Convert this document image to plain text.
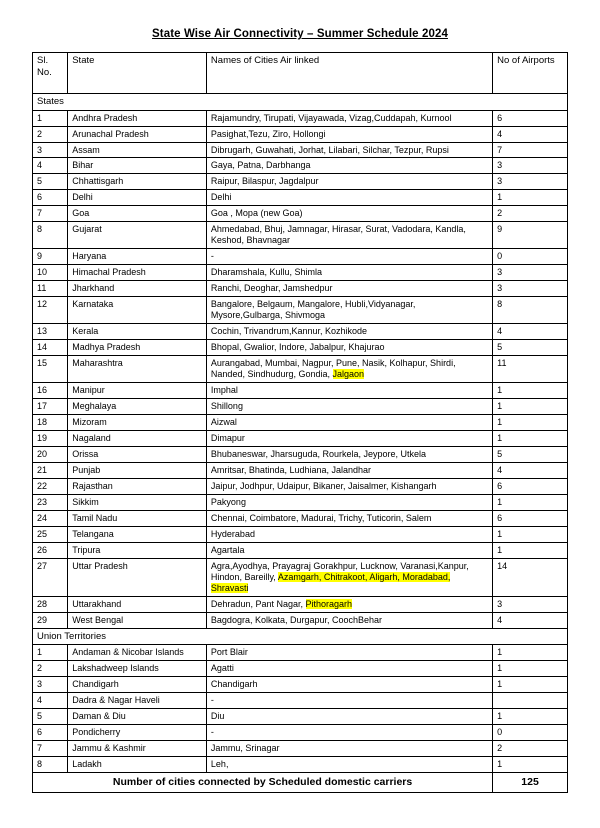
State Wise Air Connectivity – Summer Schedule 2024
Sl. No.	State	Names of Cities Air linked	No of Airports
States			
1	Andhra Pradesh	Rajamundry, Tirupati, Vijayawada, Vizag,Cuddapah, Kurnool	6
2	Arunachal Pradesh	Pasighat,Tezu, Ziro, Hollongi	4
3	Assam	Dibrugarh, Guwahati, Jorhat, Lilabari, Silchar, Tezpur, Rupsi	7
4	Bihar	Gaya, Patna, Darbhanga	3
5	Chhattisgarh	Raipur, Bilaspur, Jagdalpur	3
6	Delhi	Delhi	1
7	Goa	Goa , Mopa (new Goa)	2
8	Gujarat	Ahmedabad, Bhuj, Jamnagar, Hirasar, Surat, Vadodara, Kandla, Keshod, Bhavnagar	9
9	Haryana	-	0
10	Himachal Pradesh	Dharamshala, Kullu, Shimla	3
11	Jharkhand	Ranchi, Deoghar, Jamshedpur	3
12	Karnataka	Bangalore, Belgaum, Mangalore, Hubli,Vidyanagar, Mysore,Gulbarga, Shivmoga	8
13	Kerala	Cochin, Trivandrum,Kannur, Kozhikode	4
14	Madhya Pradesh	Bhopal, Gwalior, Indore, Jabalpur, Khajurao	5
15	Maharashtra	Aurangabad, Mumbai, Nagpur, Pune, Nasik, Kolhapur, Shirdi, Nanded, Sindhudurg, Gondia, Jalgaon	11
16	Manipur	Imphal	1
17	Meghalaya	Shillong	1
18	Mizoram	Aizwal	1
19	Nagaland	Dimapur	1
20	Orissa	Bhubaneswar, Jharsuguda, Rourkela, Jeypore, Utkela	5
21	Punjab	Amritsar, Bhatinda, Ludhiana, Jalandhar	4
22	Rajasthan	Jaipur, Jodhpur, Udaipur, Bikaner, Jaisalmer, Kishangarh	6
23	Sikkim	Pakyong	1
24	Tamil Nadu	Chennai, Coimbatore, Madurai, Trichy, Tuticorin, Salem	6
25	Telangana	Hyderabad	1
26	Tripura	Agartala	1
27	Uttar Pradesh	Agra,Ayodhya, Prayagraj Gorakhpur, Lucknow, Varanasi,Kanpur, Hindon, Bareilly, Azamgarh, Chitrakoot, Aligarh, Moradabad, Shravasti	14
28	Uttarakhand	Dehradun, Pant Nagar, Pithoragarh	3
29	West Bengal	Bagdogra, Kolkata, Durgapur, CoochBehar	4
Union Territories			
1	Andaman & Nicobar Islands	Port Blair	1
2	Lakshadweep Islands	Agatti	1
3	Chandigarh	Chandigarh	1
4	Dadra & Nagar Haveli	-	
5	Daman & Diu	Diu	1
6	Pondicherry	-	0
7	Jammu & Kashmir	Jammu, Srinagar	2
8	Ladakh	Leh,	1
Number of cities connected by Scheduled domestic carriers			125
